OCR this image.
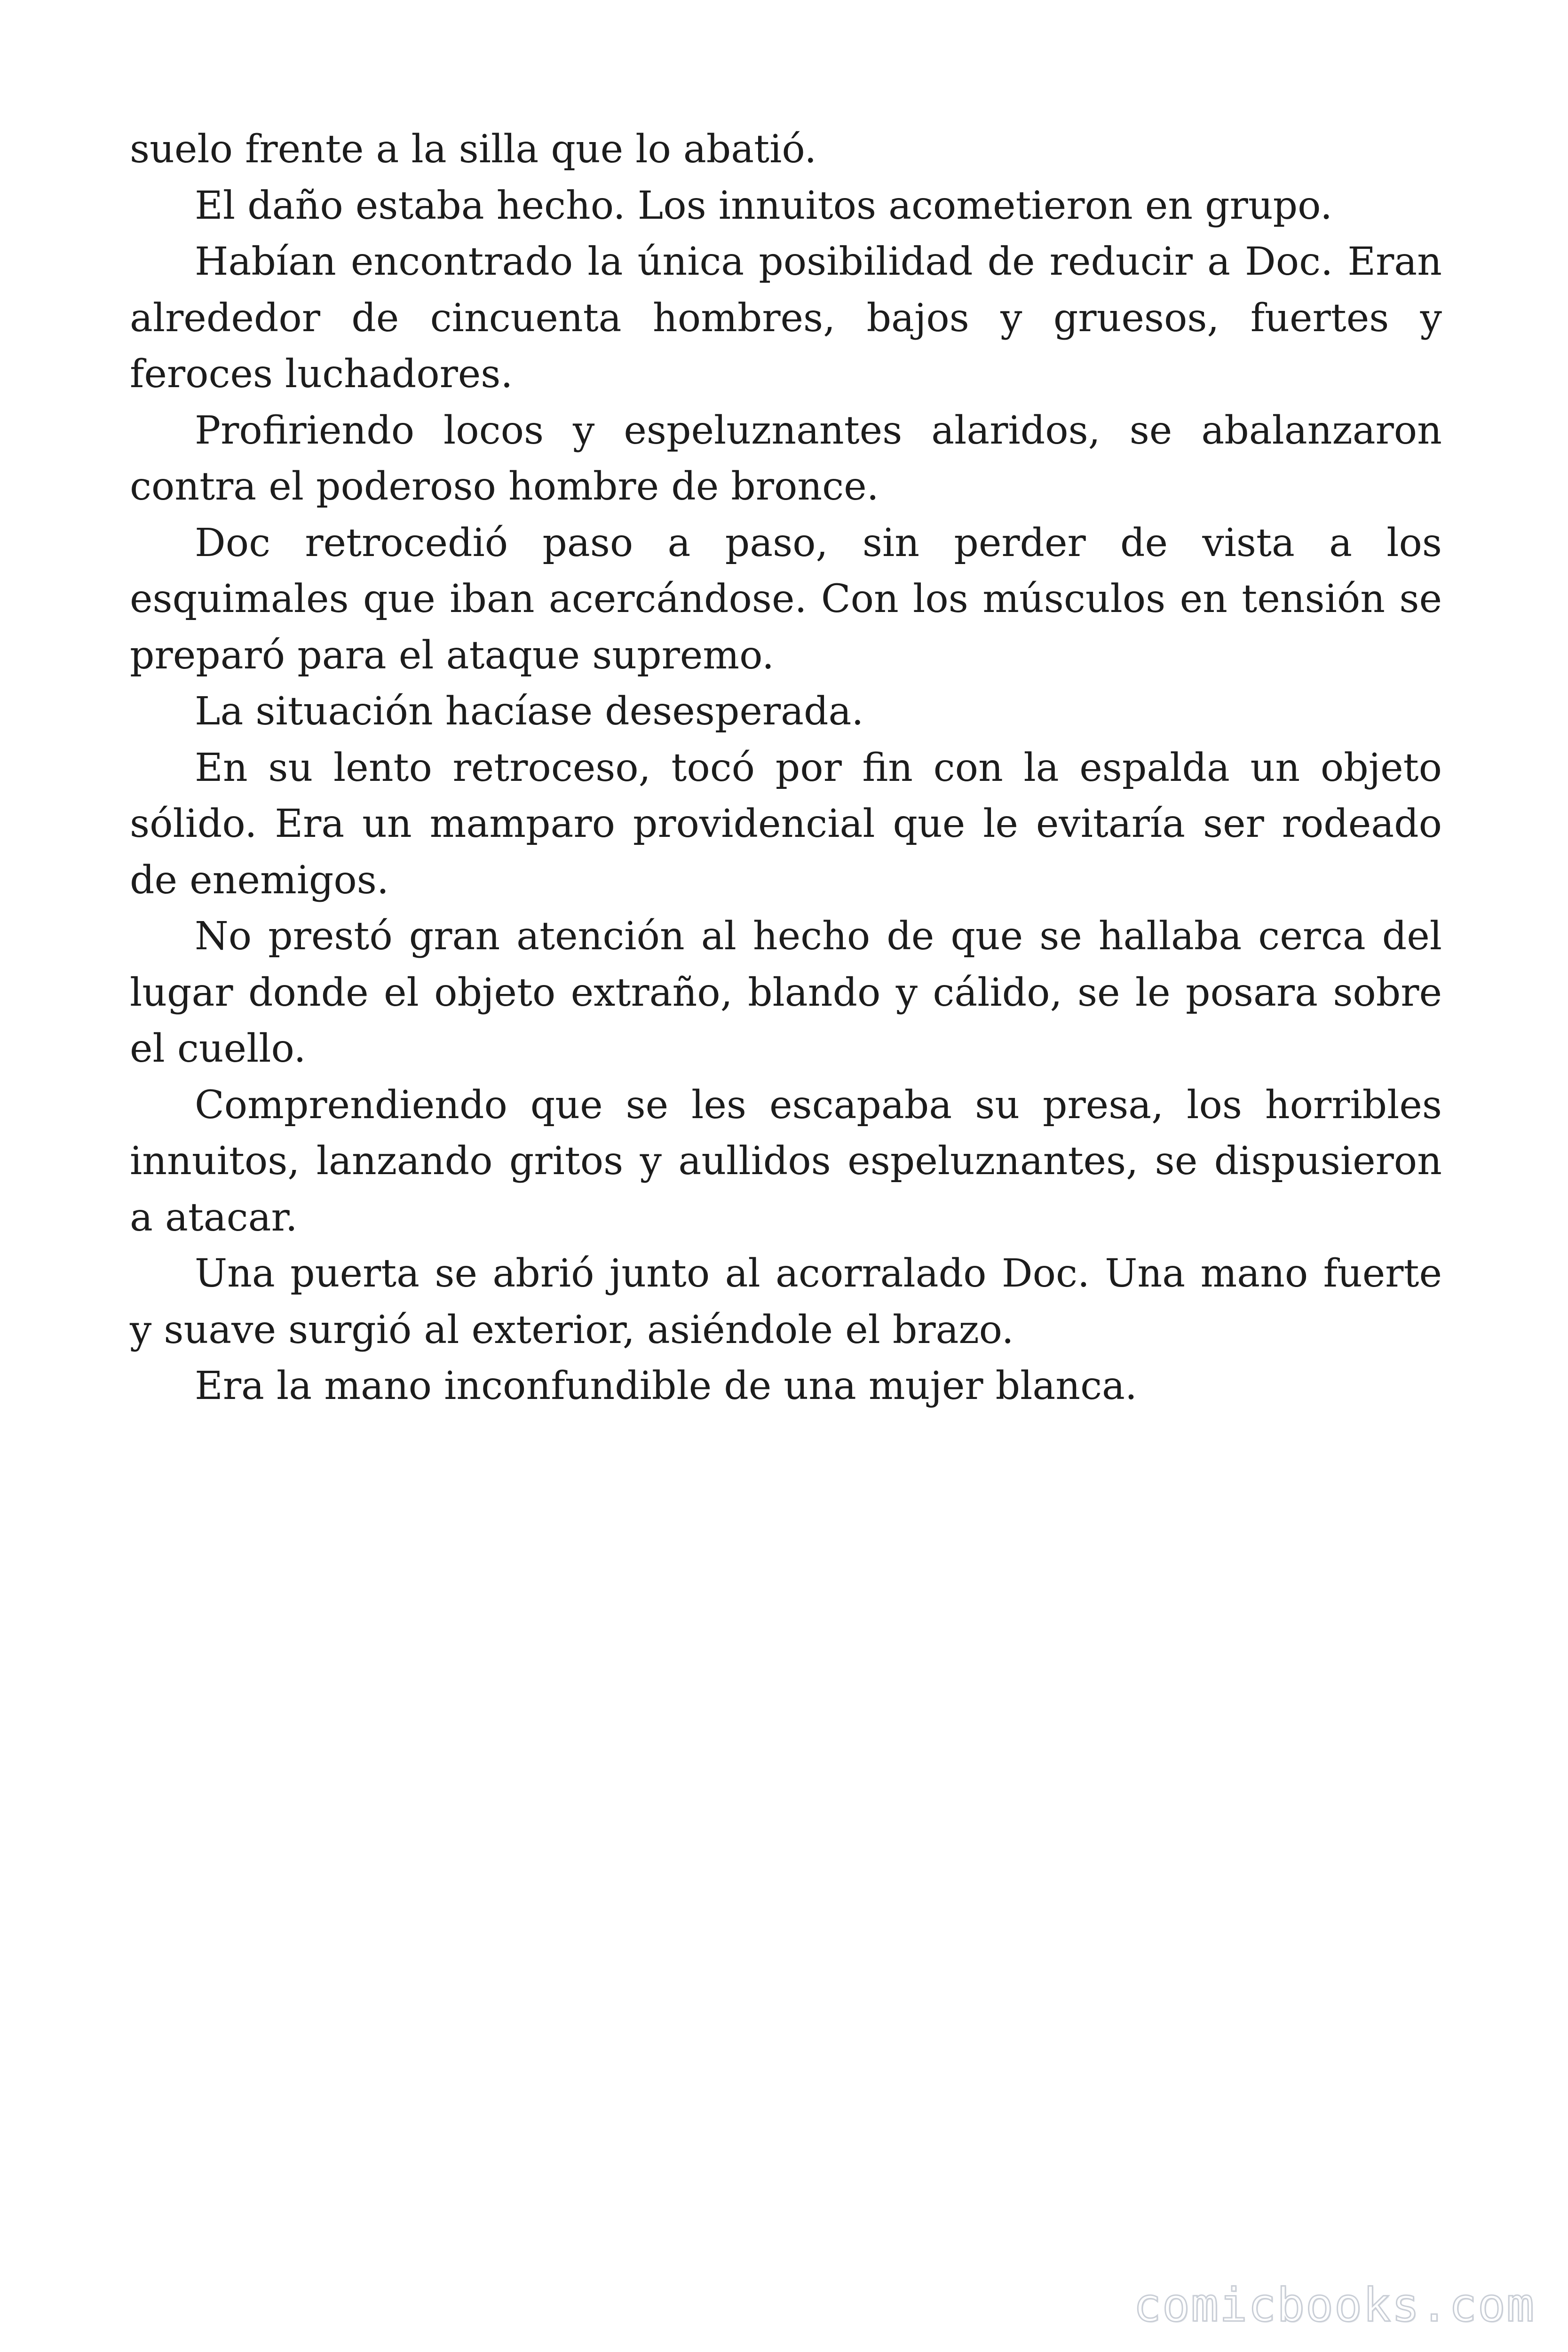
suelo frente a la silla que lo abatió.

El daño estaba hecho. Los innuitos acometieron en grupo.

Habían encontrado la única posibilidad de reducir a Doc. Eran alrededor de cincuenta hombres, bajos y gruesos, fuertes y feroces luchadores.

Profiriendo locos y espeluznantes alaridos, se abalanzaron contra el poderoso hombre de bronce.

Doc retrocedió paso a paso, sin perder de vista a los esquimales que iban acercándose. Con los músculos en tensión se preparó para el ataque supremo.

La situación hacíase desesperada.

En su lento retroceso, tocó por fin con la espalda un objeto sólido. Era un mamparo providencial que le evitaría ser rodeado de enemigos.

No prestó gran atención al hecho de que se hallaba cerca del lugar donde el objeto extraño, blando y cálido, se le posara sobre el cuello.

Comprendiendo que se les escapaba su presa, los horribles innuitos, lanzando gritos y aullidos espeluznantes, se dispusieron a atacar.

Una puerta se abrió junto al acorralado Doc. Una mano fuerte y suave surgió al exterior, asiéndole el brazo.

Era la mano inconfundible de una mujer blanca.

comicbooks.com
